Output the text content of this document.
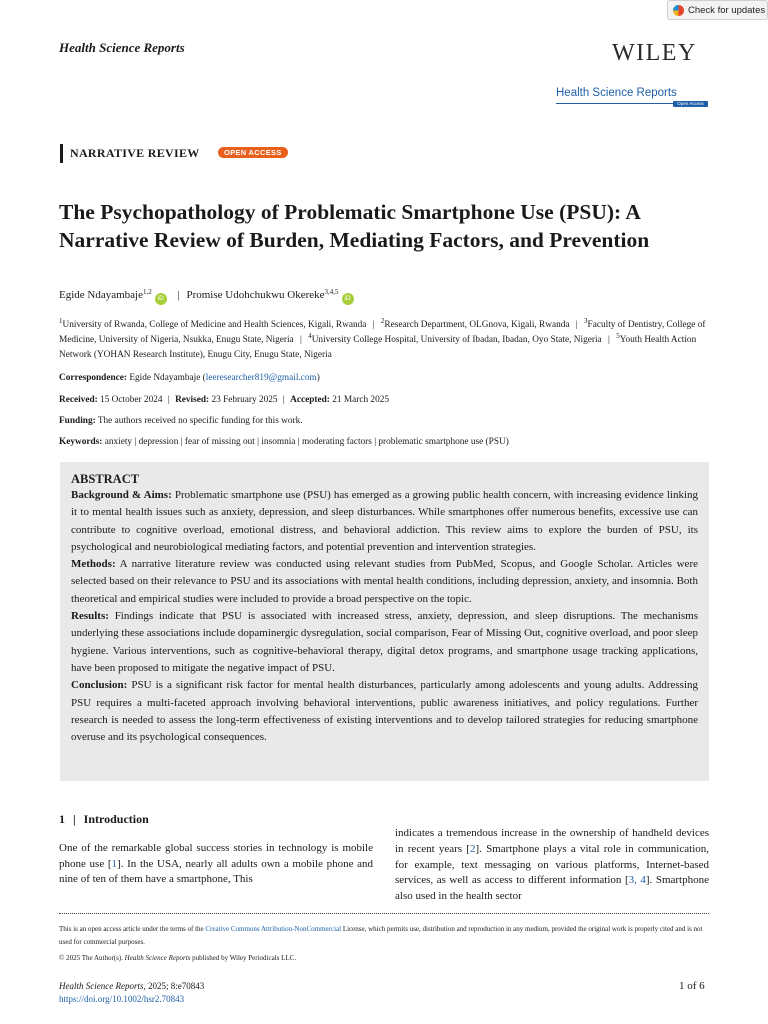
Check for updates
Health Science Reports	WILEY
Health Science Reports
Open Access
NARRATIVE REVIEW	OPEN ACCESS
The Psychopathology of Problematic Smartphone Use (PSU): A Narrative Review of Burden, Mediating Factors, and Prevention
Egide Ndayambaje$^{1,2}$iD | Promise Udohchukwu Okereke$^{3,4,5}$iD
$^1$University of Rwanda, College of Medicine and Health Sciences, Kigali, Rwanda | $^2$Research Department, OLGnova, Kigali, Rwanda | $^3$Faculty of Dentistry, College of Medicine, University of Nigeria, Nsukka, Enugu State, Nigeria | $^4$University College Hospital, University of Ibadan, Ibadan, Oyo State, Nigeria | $^5$Youth Health Action Network (YOHAN Research Institute), Enugu City, Enugu State, Nigeria
Correspondence: Egide Ndayambaje (leeresearcher819@gmail.com)
Received: 15 October 2024 | Revised: 23 February 2025 | Accepted: 21 March 2025
Funding: The authors received no specific funding for this work.
Keywords: anxiety | depression | fear of missing out | insomnia | moderating factors | problematic smartphone use (PSU)
ABSTRACT

Background & Aims: Problematic smartphone use (PSU) has emerged as a growing public health concern, with increasing evidence linking it to mental health issues such as anxiety, depression, and sleep disturbances. While smartphones offer numerous benefits, excessive use can contribute to cognitive overload, emotional distress, and behavioral addiction. This review aims to explore the burden of PSU, its psychological and neurobiological mediating factors, and potential prevention and intervention strategies.

Methods: A narrative literature review was conducted using relevant studies from PubMed, Scopus, and Google Scholar. Articles were selected based on their relevance to PSU and its associations with mental health conditions, including depression, anxiety, and insomnia. Both theoretical and empirical studies were included to provide a broad perspective on the topic.

Results: Findings indicate that PSU is associated with increased stress, anxiety, depression, and sleep disruptions. The mechanisms underlying these associations include dopaminergic dysregulation, social comparison, Fear of Missing Out, cognitive overload, and poor sleep hygiene. Various interventions, such as cognitive-behavioral therapy, digital detox programs, and smartphone usage tracking applications, have been proposed to mitigate the negative impact of PSU.

Conclusion: PSU is a significant risk factor for mental health disturbances, particularly among adolescents and young adults. Addressing PSU requires a multi-faceted approach involving behavioral interventions, public awareness initiatives, and policy regulations. Further research is needed to assess the long-term effectiveness of existing interventions and to develop tailored strategies for reducing smartphone overuse and its psychological consequences.

1 | Introduction
One of the remarkable global success stories in technology is mobile phone use [1]. In the USA, nearly all adults own a mobile phone and nine of ten of them have a smartphone, This
indicates a tremendous increase in the ownership of handheld devices in recent years [2]. Smartphone plays a vital role in communication, for example, text messaging on various platforms, Internet-based services, as well as access to different information [3, 4]. Smartphone also used in the health sector
This is an open access article under the terms of the Creative Commons Attribution-NonCommercial License, which permits use, distribution and reproduction in any medium, provided the original work is properly cited and is not used for commercial purposes.
© 2025 The Author(s). Health Science Reports published by Wiley Periodicals LLC.
Health Science Reports, 2025; 8:e70843
https://doi.org/10.1002/hsr2.70843
1 of 6
